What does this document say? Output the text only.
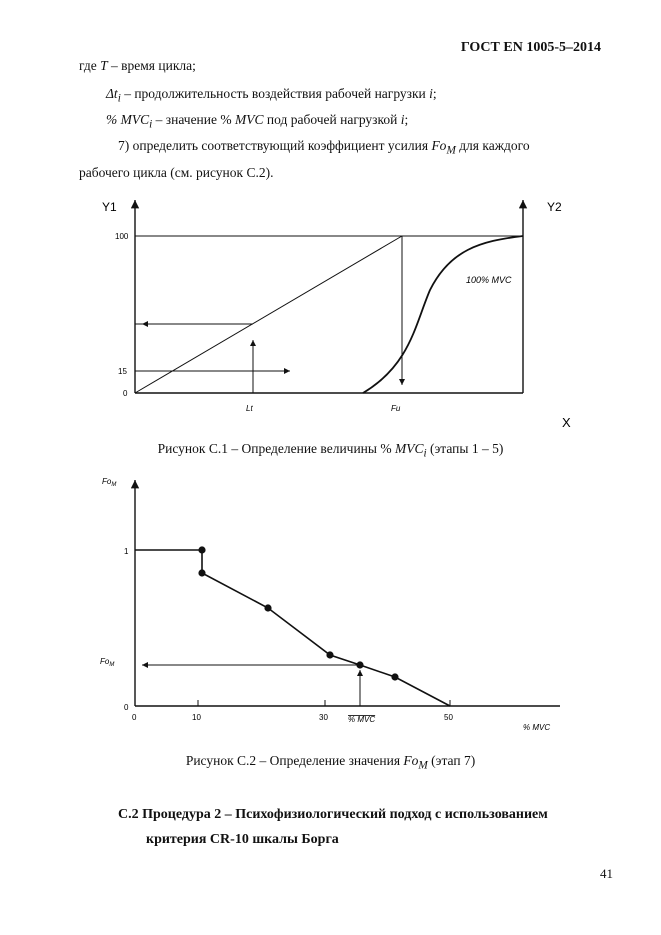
ГОСТ EN 1005-5–2014
где T – время цикла;
$\Delta t_i$ – продолжительность воздействия рабочей нагрузки i;
% $MVC_i$ – значение % MVC под рабочей нагрузкой i;
7) определить соответствующий коэффициент усилия $Fo_M$ для каждого
рабочего цикла (см. рисунок С.2).
Y1	Y2
X
100
15
0
Lt	Fu
100% MVC
Рисунок С.1 – Определение величины % $MVC_i$ (этапы 1 – 5)
$Fo_M$
1
$Fo_M$
0
0	10	30	50
% MVC
% MVC
Рисунок С.2 – Определение значения $Fo_M$ (этап 7)
С.2 Процедура 2 – Психофизиологический подход с использованием
критерия CR-10 шкалы Борга
41
